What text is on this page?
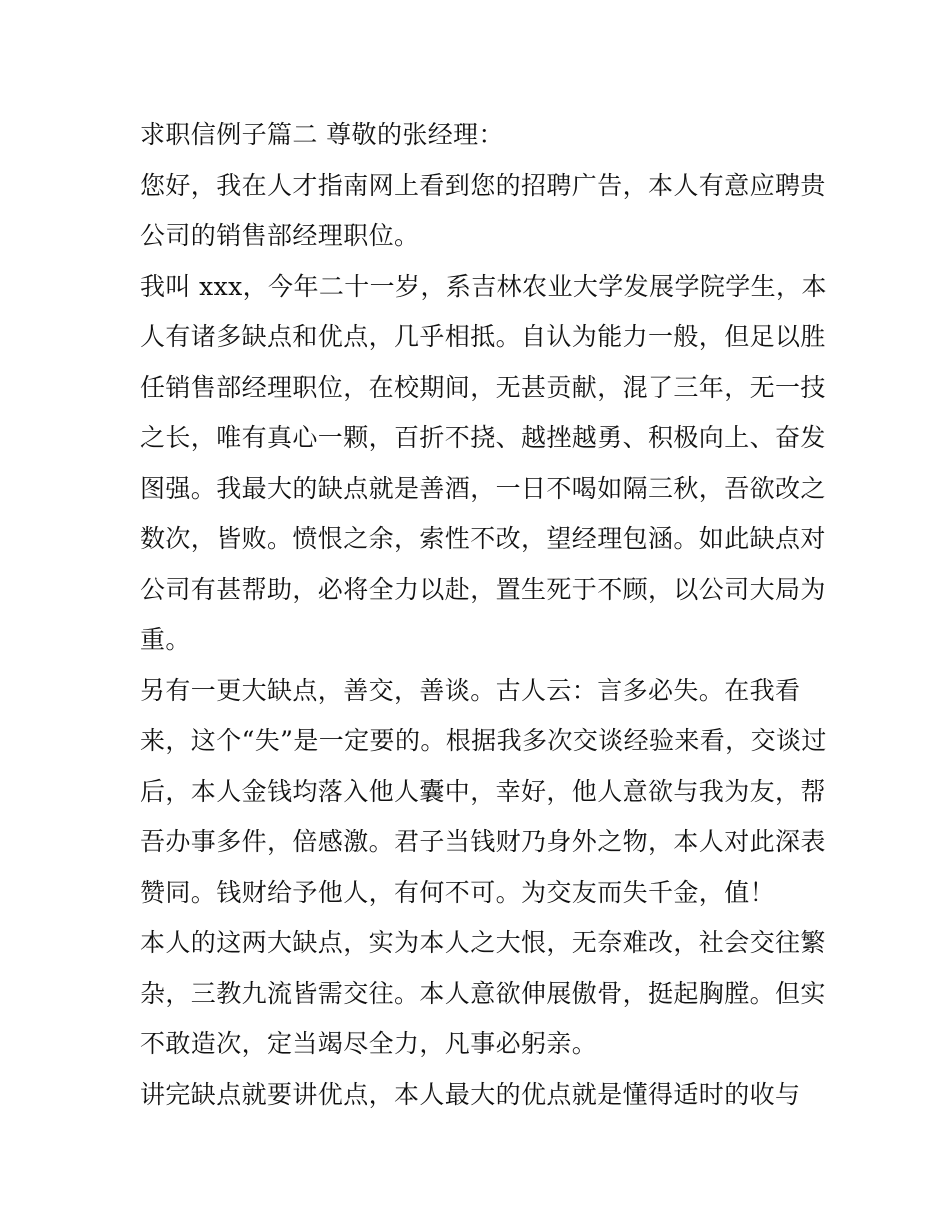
求职信例子篇二 尊敬的张经理：
您好，我在人才指南网上看到您的招聘广告，本人有意应聘贵
公司的销售部经理职位。
我叫 xxx，今年二十一岁，系吉林农业大学发展学院学生，本
人有诸多缺点和优点，几乎相抵。自认为能力一般，但足以胜
任销售部经理职位，在校期间，无甚贡献，混了三年，无一技
之长，唯有真心一颗，百折不挠、越挫越勇、积极向上、奋发
图强。我最大的缺点就是善酒，一日不喝如隔三秋，吾欲改之
数次，皆败。愤恨之余，索性不改，望经理包涵。如此缺点对
公司有甚帮助，必将全力以赴，置生死于不顾，以公司大局为
重。
另有一更大缺点，善交，善谈。古人云：言多必失。在我看
来，这个“失”是一定要的。根据我多次交谈经验来看，交谈过
后，本人金钱均落入他人囊中，幸好，他人意欲与我为友，帮
吾办事多件，倍感激。君子当钱财乃身外之物，本人对此深表
赞同。钱财给予他人，有何不可。为交友而失千金，值！
本人的这两大缺点，实为本人之大恨，无奈难改，社会交往繁
杂，三教九流皆需交往。本人意欲伸展傲骨，挺起胸膛。但实
不敢造次，定当竭尽全力，凡事必躬亲。
讲完缺点就要讲优点，本人最大的优点就是懂得适时的收与
